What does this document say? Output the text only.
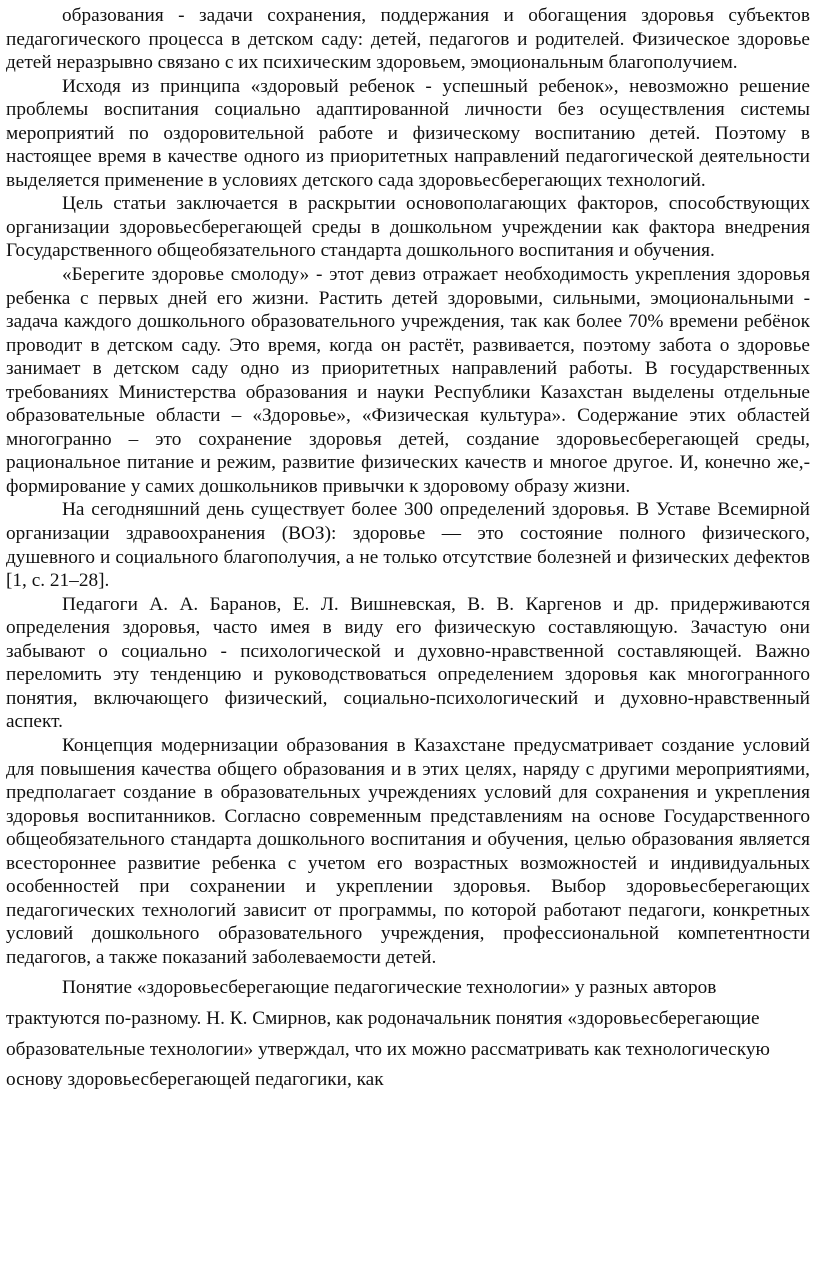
образования - задачи сохранения, поддержания и обогащения здоровья субъектов педагогического процесса в детском саду: детей, педагогов и родителей. Физическое здоровье детей неразрывно связано с их психическим здоровьем, эмоциональным благополучием.

Исходя из принципа «здоровый ребенок - успешный ребенок», невозможно решение проблемы воспитания социально адаптированной личности без осуществления системы мероприятий по оздоровительной работе и физическому воспитанию детей. Поэтому в настоящее время в качестве одного из приоритетных направлений педагогической деятельности выделяется применение в условиях детского сада здоровьесберегающих технологий.

Цель статьи заключается в раскрытии основополагающих факторов, способствующих организации здоровьесберегающей среды в дошкольном учреждении как фактора внедрения Государственного общеобязательного стандарта дошкольного воспитания и обучения.

«Берегите здоровье смолоду» - этот девиз отражает необходимость укрепления здоровья ребенка с первых дней его жизни. Растить детей здоровыми, сильными, эмоциональными - задача каждого дошкольного образовательного учреждения, так как более 70% времени ребёнок проводит в детском саду. Это время, когда он растёт, развивается, поэтому забота о здоровье занимает в детском саду одно из приоритетных направлений работы. В государственных требованиях Министерства образования и науки Республики Казахстан выделены отдельные образовательные области – «Здоровье», «Физическая культура». Содержание этих областей многогранно – это сохранение здоровья детей, создание здоровьесберегающей среды, рациональное питание и режим, развитие физических качеств и многое другое. И, конечно же,- формирование у самих дошкольников привычки к здоровому образу жизни.

На сегодняшний день существует более 300 определений здоровья. В Уставе Всемирной организации здравоохранения (ВОЗ): здоровье — это состояние полного физического, душевного и социального благополучия, а не только отсутствие болезней и физических дефектов [1, с. 21–28].

Педагоги А. А. Баранов, Е. Л. Вишневская, В. В. Каргенов и др. придерживаются определения здоровья, часто имея в виду его физическую составляющую. Зачастую они забывают о социально - психологической и духовно-нравственной составляющей. Важно переломить эту тенденцию и руководствоваться определением здоровья как многогранного понятия, включающего физический, социально-психологический и духовно-нравственный аспект.

Концепция модернизации образования в Казахстане предусматривает создание условий для повышения качества общего образования и в этих целях, наряду с другими мероприятиями, предполагает создание в образовательных учреждениях условий для сохранения и укрепления здоровья воспитанников. Согласно современным представлениям на основе Государственного общеобязательного стандарта дошкольного воспитания и обучения, целью образования является всестороннее развитие ребенка с учетом его возрастных возможностей и индивидуальных особенностей при сохранении и укреплении здоровья. Выбор здоровьесберегающих педагогических технологий зависит от программы, по которой работают педагоги, конкретных условий дошкольного образовательного учреждения, профессиональной компетентности педагогов, а также показаний заболеваемости детей.

Понятие «здоровьесберегающие педагогические технологии» у разных авторов трактуются по-разному. Н. К. Смирнов, как родоначальник понятия «здоровьесберегающие образовательные технологии» утверждал, что их можно рассматривать как технологическую основу здоровьесберегающей педагогики, как
